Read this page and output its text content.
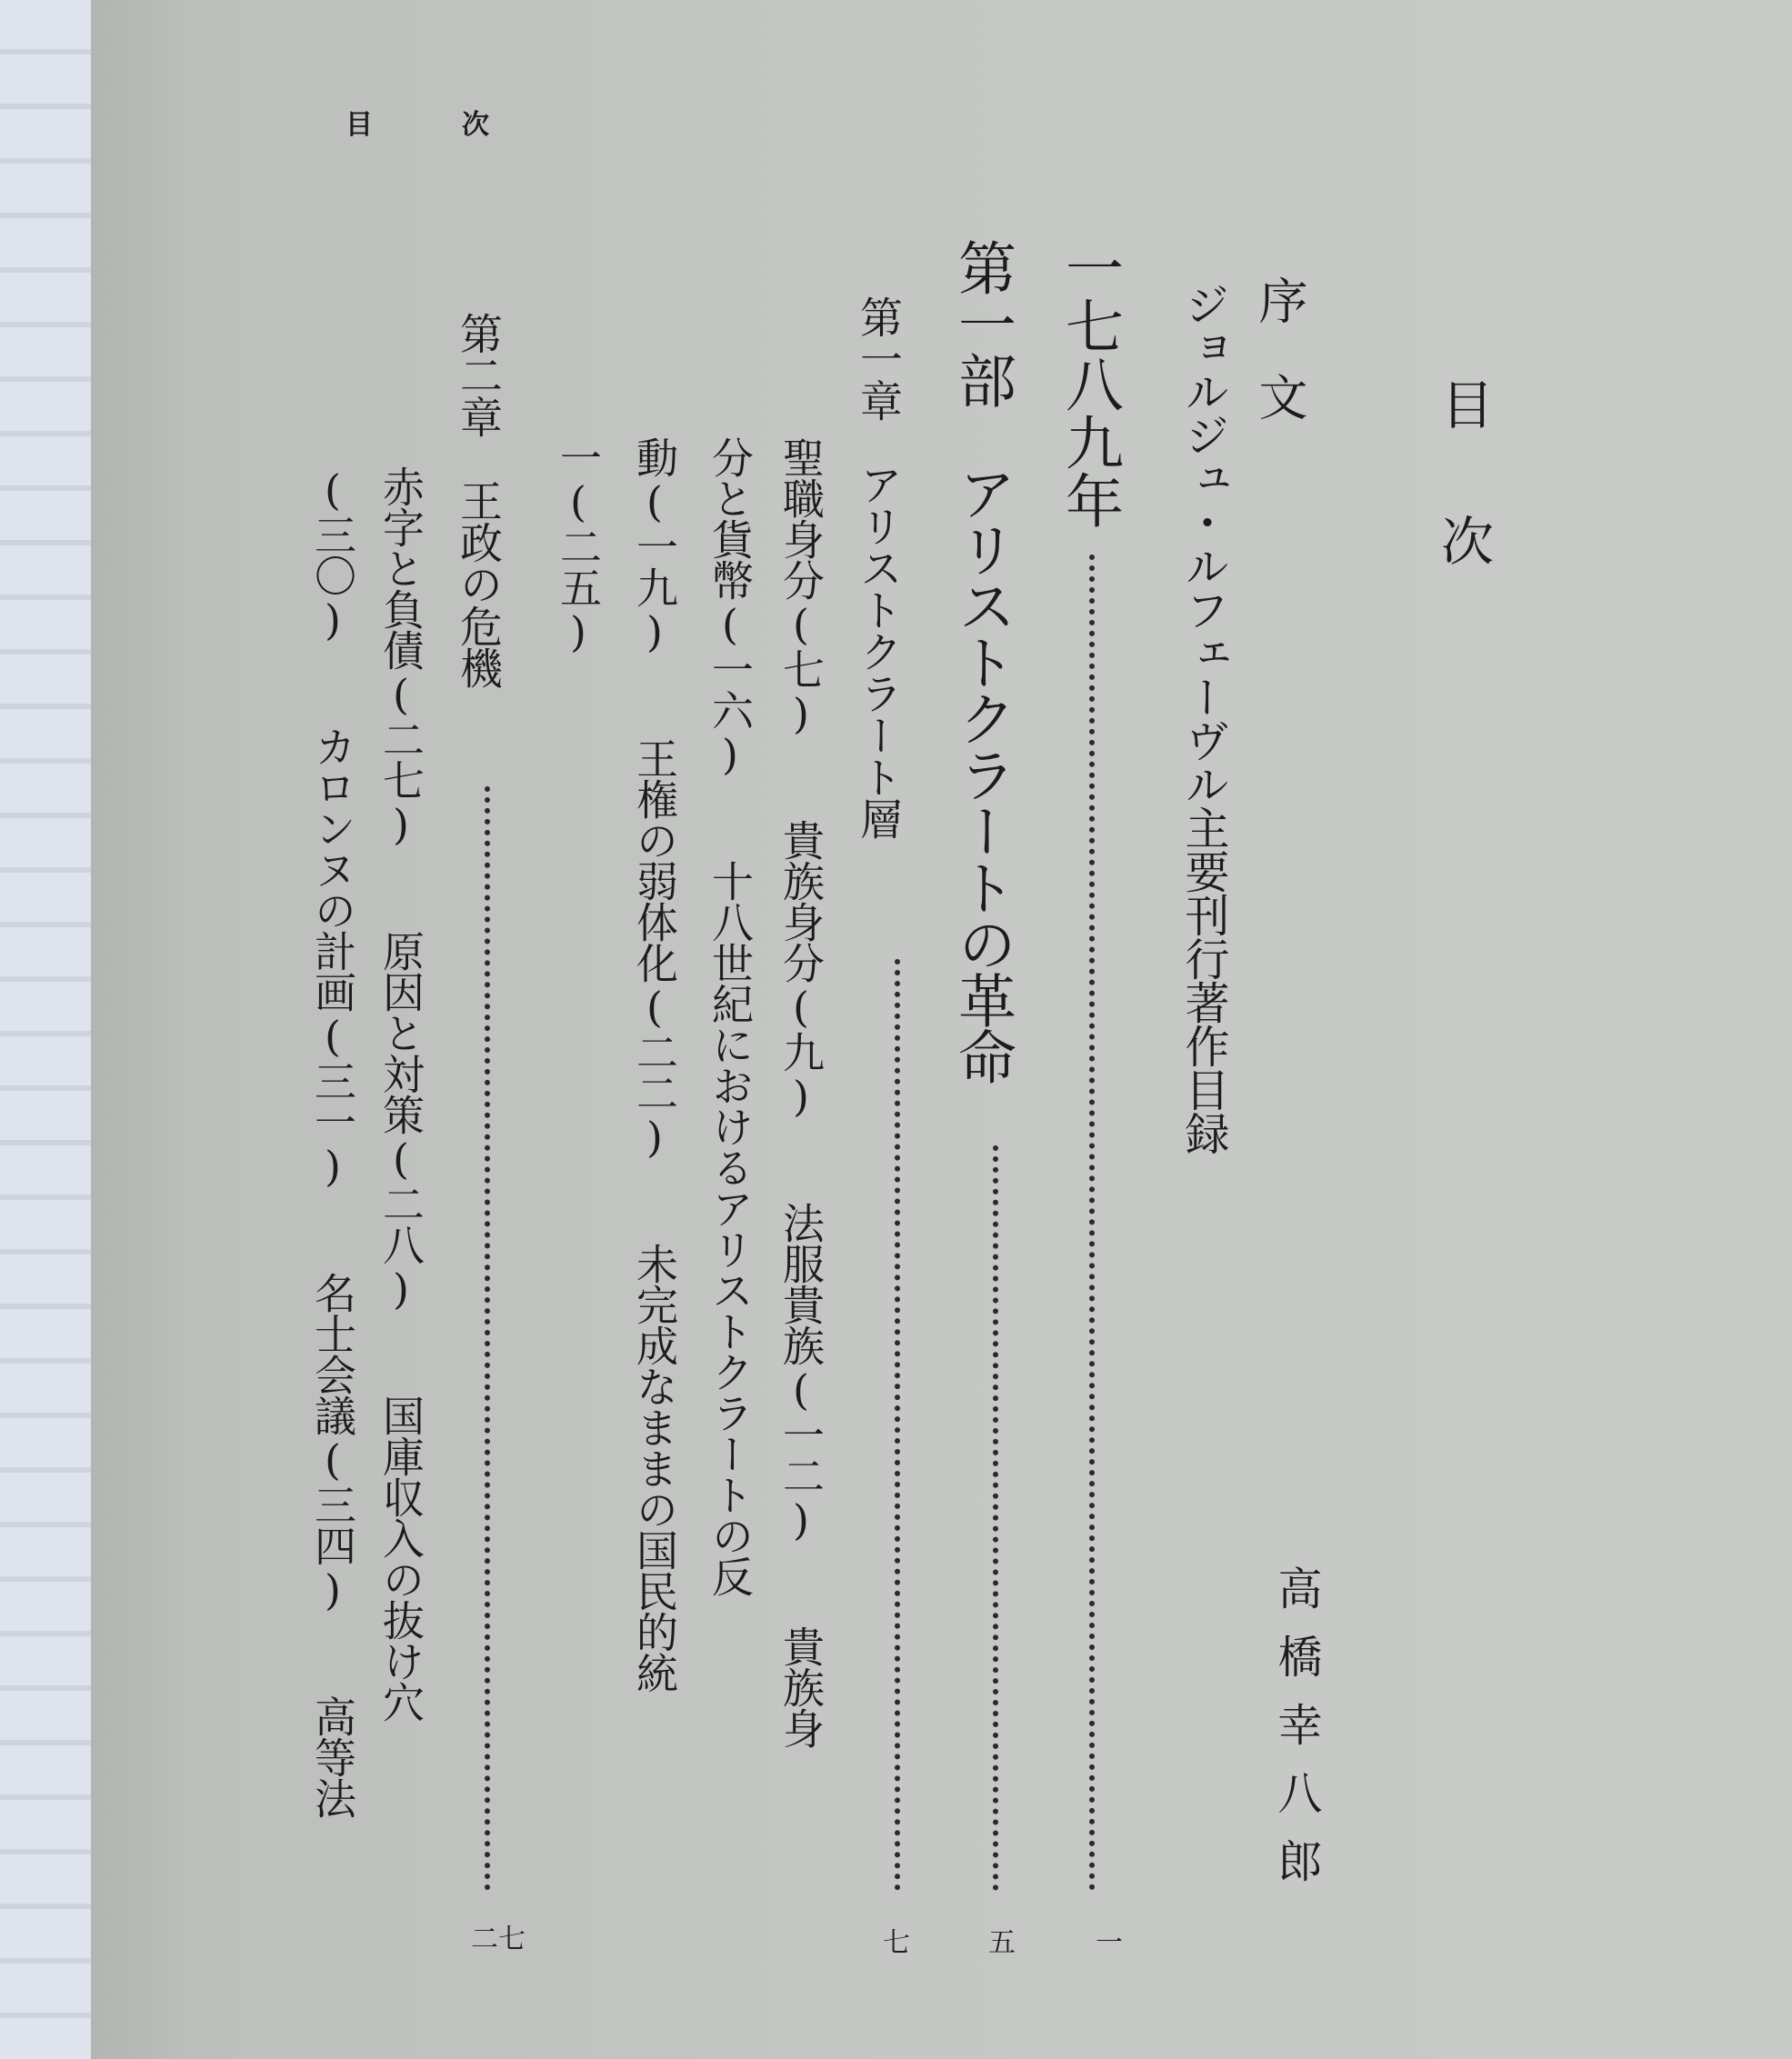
目	次
目次
序文
ジョルジュ・ルフェーヴル主要刊行著作目録
高橋幸八郎
一七八九年
一
第一部　アリストクラートの革命
五
第一章　アリストクラート層
七
聖職身分(七)　　貴族身分(九)　　法服貴族(一二)　　貴族身
分と貨幣(一六)　　十八世紀におけるアリストクラートの反
動(一九)　　王権の弱体化(二二)　　未完成なままの国民的統
一(二五)
第二章　王政の危機
二七
赤字と負債(二七)　　原因と対策(二八)　　国庫収入の抜け穴
(三〇)　　カロンヌの計画(三一)　　名士会議(三四)　　高等法
